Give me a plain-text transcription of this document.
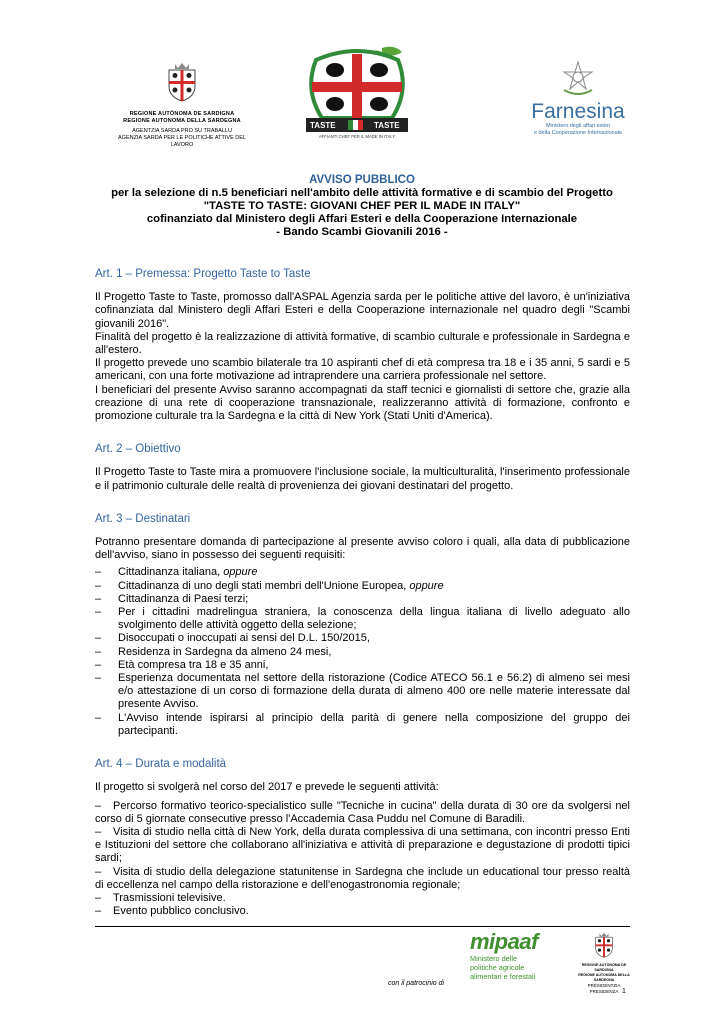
REGIONE AUTÒNOMA DE SARDIGNA
REGIONE AUTONOMA DELLA SARDEGNA
AGENTZIA SARDA PRO SU TRABALLU
AGENZIA SARDA PER LE POLITICHE ATTIVE DEL LAVORO
TASTE	TASTE
AFFIANTI CHEF PER IL MADE IN ITALY
Farnesina
Ministero degli affari esteri
e della Cooperazione Internazionale
AVVISO PUBBLICO
per la selezione di n.5 beneficiari nell'ambito delle attività formative e di scambio del Progetto
"TASTE TO TASTE: GIOVANI CHEF PER IL MADE IN ITALY"
cofinanziato dal Ministero degli Affari Esteri e della Cooperazione Internazionale
- Bando Scambi Giovanili 2016 -
Art. 1 – Premessa: Progetto Taste to Taste

Il Progetto Taste to Taste, promosso dall'ASPAL Agenzia sarda per le politiche attive del lavoro, è un'iniziativa cofinanziata dal Ministero degli Affari Esteri e della Cooperazione internazionale nel quadro degli "Scambi giovanili 2016".

Finalità del progetto è la realizzazione di attività formative, di scambio culturale e professionale in Sardegna e all'estero.

Il progetto prevede uno scambio bilaterale tra 10 aspiranti chef di età compresa tra 18 e i 35 anni, 5 sardi e 5 americani, con una forte motivazione ad intraprendere una carriera professionale nel settore.

I beneficiari del presente Avviso saranno accompagnati da staff tecnici e giornalisti di settore che, grazie alla creazione di una rete di cooperazione transnazionale, realizzeranno attività di formazione, confronto e promozione culturale tra la Sardegna e la città di New York (Stati Uniti d'America).

Art. 2 – Obiettivo

Il Progetto Taste to Taste mira a promuovere l'inclusione sociale, la multiculturalità, l'inserimento professionale e il patrimonio culturale delle realtà di provenienza dei giovani destinatari del progetto.

Art. 3 – Destinatari

Potranno presentare domanda di partecipazione al presente avviso coloro i quali, alla data di pubblicazione dell'avviso, siano in possesso dei seguenti requisiti:

– Cittadinanza italiana, oppure
– Cittadinanza di uno degli stati membri dell'Unione Europea, oppure
– Cittadinanza di Paesi terzi;
– Per i cittadini madrelingua straniera, la conoscenza della lingua italiana di livello adeguato allo svolgimento delle attività oggetto della selezione;
– Disoccupati o inoccupati ai sensi del D.L. 150/2015,
– Residenza in Sardegna da almeno 24 mesi,
– Età compresa tra 18 e 35 anni,
– Esperienza documentata nel settore della ristorazione (Codice ATECO 56.1 e 56.2) di almeno sei mesi e/o attestazione di un corso di formazione della durata di almeno 400 ore nelle materie interessate dal presente Avviso.
– L'Avviso intende ispirarsi al principio della parità di genere nella composizione del gruppo dei partecipanti.
Art. 4 – Durata e modalità

Il progetto si svolgerà nel corso del 2017 e prevede le seguenti attività:

– Percorso formativo teorico-specialistico sulle "Tecniche in cucina" della durata di 30 ore da svolgersi nel corso di 5 giornate consecutive presso l'Accademia Casa Puddu nel Comune di Baradili.

– Visita di studio nella città di New York, della durata complessiva di una settimana, con incontri presso Enti e Istituzioni del settore che collaborano all'iniziativa e attività di preparazione e degustazione di prodotti tipici sardi;

– Visita di studio della delegazione statunitense in Sardegna che include un educational tour presso realtà di eccellenza nel campo della ristorazione e dell'enogastronomia regionale;

– Trasmissioni televisive.

– Evento pubblico conclusivo.

con il patrocinio di
mipaaf
Ministero delle
politiche agricole
alimentari e forestali
REGIONE AUTÒNOMA DE SARDIGNA
REGIONE AUTONOMA DELLA SARDEGNA
PRESIDENTZIA
PRESIDENZA 1
